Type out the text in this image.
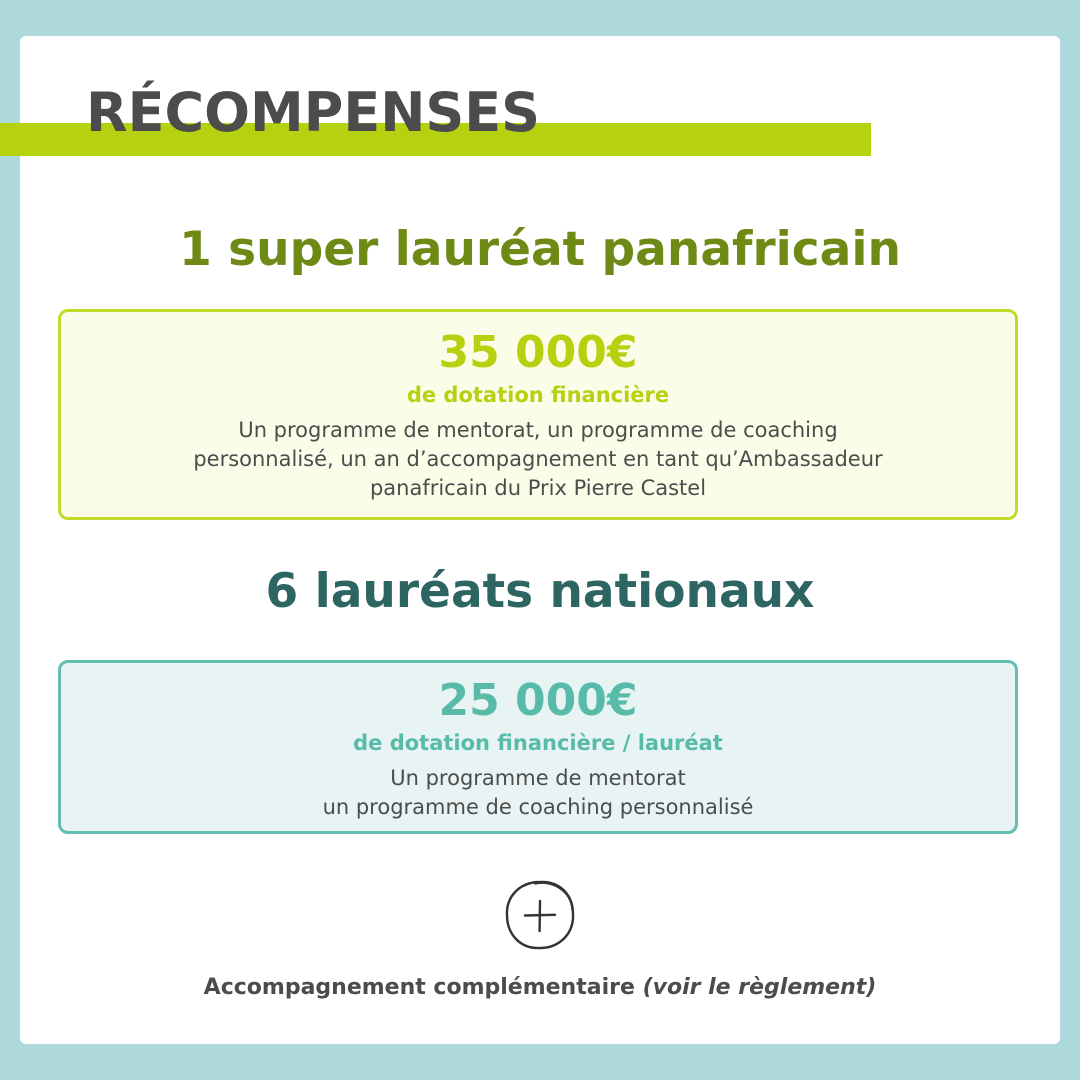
RÉCOMPENSES
1 super lauréat panafricain
35 000€
de dotation financière
Un programme de mentorat, un programme de coaching
personnalisé, un an d’accompagnement en tant qu’Ambassadeur
panafricain du Prix Pierre Castel
6 lauréats nationaux
25 000€
de dotation financière / lauréat
Un programme de mentorat
un programme de coaching personnalisé

Accompagnement complémentaire (voir le règlement)
